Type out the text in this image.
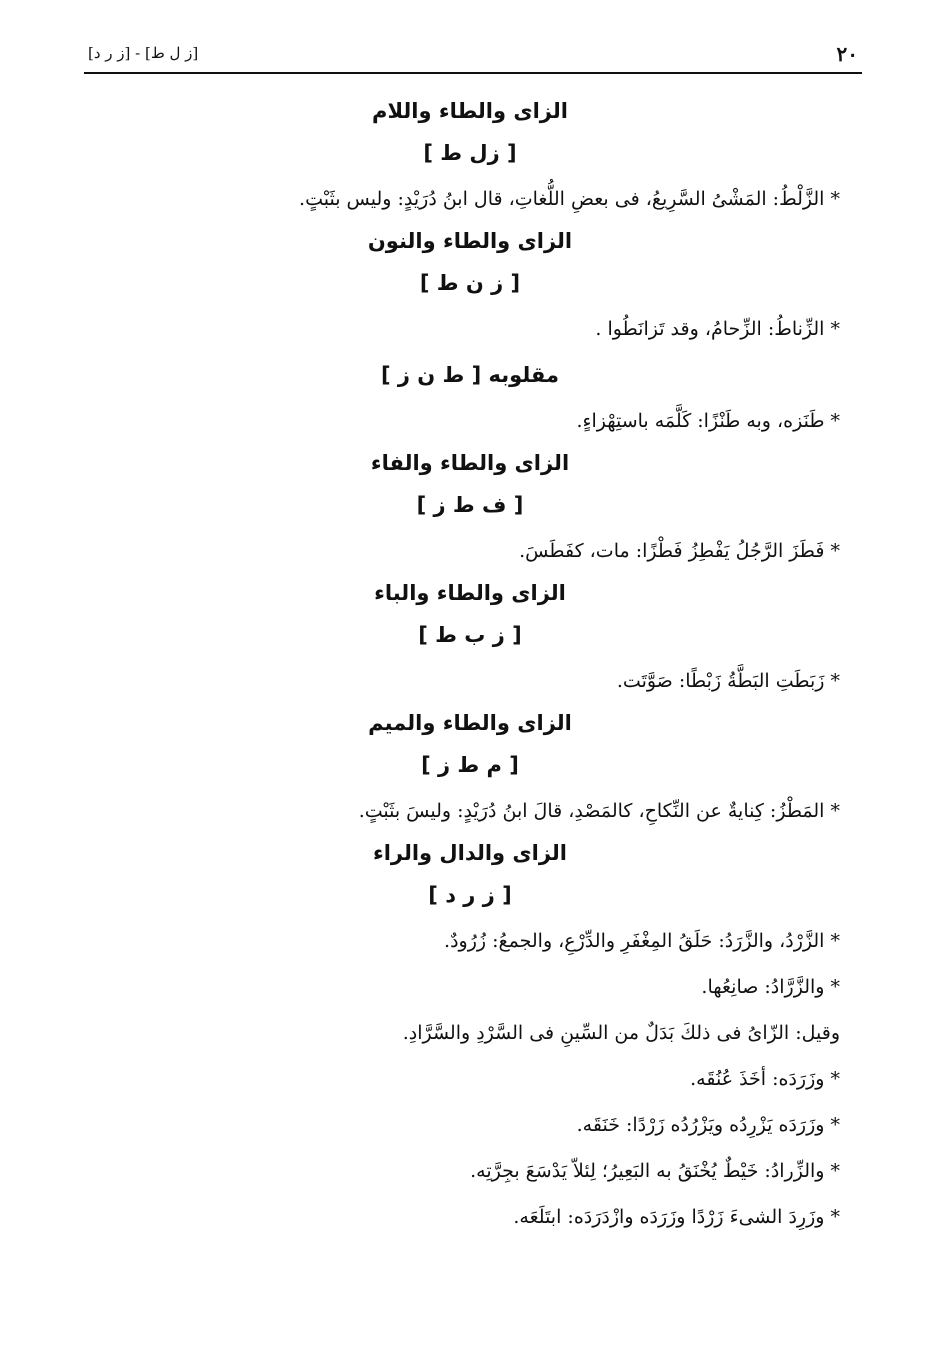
٢٠
[ز ل ط] - [ز ر د]
الزاى والطاء واللام
[ زل ط ]
* الزَّلْطُ: المَشْىُ السَّرِيعُ، فى بعضِ اللُّغاتِ، قال ابنُ دُرَيْدٍ: وليس بثَبْتٍ.
الزاى والطاء والنون
[ ز ن ط ]
* الزِّناطُ: الزِّحامُ، وقد تَزانَطُوا .
مقلوبه [ ط ن ز ]
* طَنَزه، وبه طَنْزًا: كَلَّمَه باستِهْزاءٍ.
الزاى والطاء والفاء
[ ف ط ز ]
* فَطَزَ الرَّجُلُ يَفْطِزُ فَطْزًا: مات، كفَطَسَ.
الزاى والطاء والباء
[ ز ب ط ]
* زَبَطَتِ البَطَّةُ زَبْطًا: صَوَّتَت.
الزاى والطاء والميم
[ م ط ز ]
* المَطْزُ: كِنايةٌ عن النِّكاحِ، كالمَصْدِ، قالَ ابنُ دُرَيْدٍ: وليسَ بثَبْتٍ.
الزاى والدال والراء
[ ز ر د ]
* الزَّرْدُ، والزَّرَدُ: حَلَقُ المِغْفَرِ والدِّرْعِ، والجمعُ: زُرُودٌ.
* والزَّرَّادُ: صانِعُها.
وقيل: الزّاىُ فى ذلكَ بَدَلٌ من السِّينِ فى السَّرْدِ والسَّرَّادِ.
* وزَرَدَه: أخَذَ عُنُقَه.
* وزَرَدَه يَزْرِدُه ويَزْرُدُه زَرْدًا: خَنَقَه.
* والزِّرادُ: خَيْطٌ يُخْنَقُ به البَعِيرُ؛ لِئلاّ يَدْسَعَ بجِرَّتِه.
* وزَرِدَ الشىءَ زَرْدًا وزَرَدَه وازْدَرَدَه: ابتَلَعَه.
